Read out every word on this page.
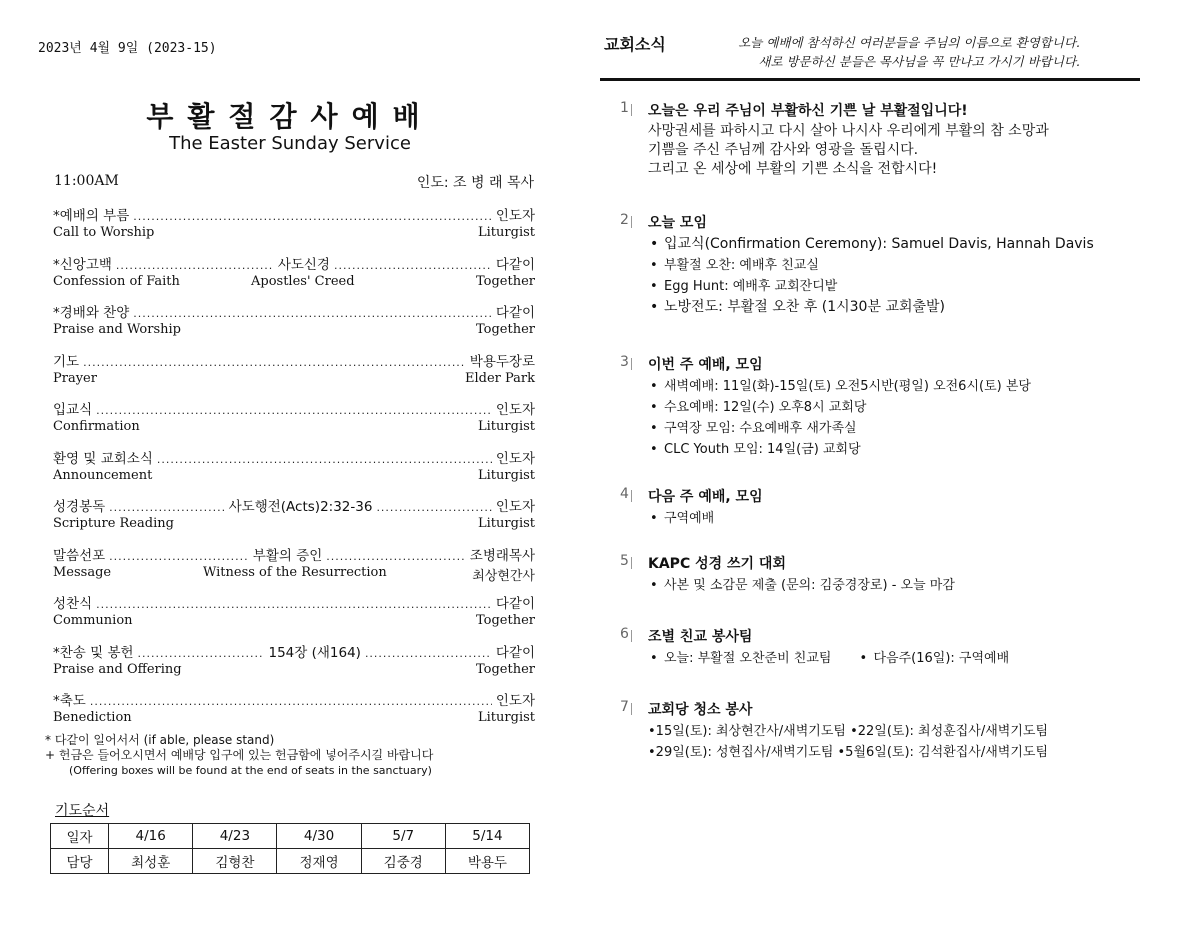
2023년 4월 9일 (2023-15)
부활절감사예배
The Easter Sunday Service
11:00AM	인도: 조 병 래 목사
*예배의 부름 .....	인도자
Call to Worship	Liturgist
*신앙고백 .....	사도신경 .....	다같이
Confession of Faith	Apostles' Creed	Together
*경배와 찬양 .....	다같이
Praise and Worship	Together
기도 .....	박용두장로
Prayer	Elder Park
입교식 .....	인도자
Confirmation	Liturgist
환영 및 교회소식 .....	인도자
Announcement	Liturgist
성경봉독 .....	사도행전(Acts)2:32-36 .....	인도자
Scripture Reading	Liturgist
말씀선포 .....	부활의 증인 .....	조병래목사
Message	Witness of the Resurrection	최상현간사
성찬식 .....	다같이
Communion	Together
*찬송 및 봉헌 .....	154장 (새164) .....	다같이
Praise and Offering	Together
*축도 .....	인도자
Benediction	Liturgist
* 다같이 일어서서 (if able, please stand)
+ 헌금은 들어오시면서 예배당 입구에 있는 헌금함에 넣어주시길 바랍니다
(Offering boxes will be found at the end of seats in the sanctuary)
기도순서
일자	4/16	4/23	4/30	5/7	5/14
담당	최성훈	김형찬	정재영	김중경	박용두
교회소식	오늘 예배에 참석하신 여러분들을 주님의 이름으로 환영합니다.
새로 방문하신 분들은 목사님을 꼭 만나고 가시기 바랍니다.
1	오늘은 우리 주님이 부활하신 기쁜 날 부활절입니다!
사망권세를 파하시고 다시 살아 나시사 우리에게 부활의 참 소망과
기쁨을 주신 주님께 감사와 영광을 돌립시다.
그리고 온 세상에 부활의 기쁜 소식을 전합시다!
2	오늘 모임
• 입교식(Confirmation Ceremony): Samuel Davis, Hannah Davis
• 부활절 오찬: 예배후 친교실
• Egg Hunt: 예배후 교회잔디밭
• 노방전도: 부활절 오찬 후 (1시30분 교회출발)
3	이번 주 예배, 모임
• 새벽예배: 11일(화)-15일(토) 오전5시반(평일) 오전6시(토) 본당
• 수요예배: 12일(수) 오후8시 교회당
• 구역장 모임: 수요예배후 새가족실
• CLC Youth 모임: 14일(금) 교회당
4	다음 주 예배, 모임
• 구역예배
5	KAPC 성경 쓰기 대회
• 사본 및 소감문 제출 (문의: 김중경장로) - 오늘 마감
6	조별 친교 봉사팀
• 오늘: 부활절 오찬준비 친교팀	• 다음주(16일): 구역예배
7	교회당 청소 봉사
•15일(토): 최상현간사/새벽기도팀 •22일(토): 최성훈집사/새벽기도팀
•29일(토): 성현집사/새벽기도팀 •5월6일(토): 김석환집사/새벽기도팀
